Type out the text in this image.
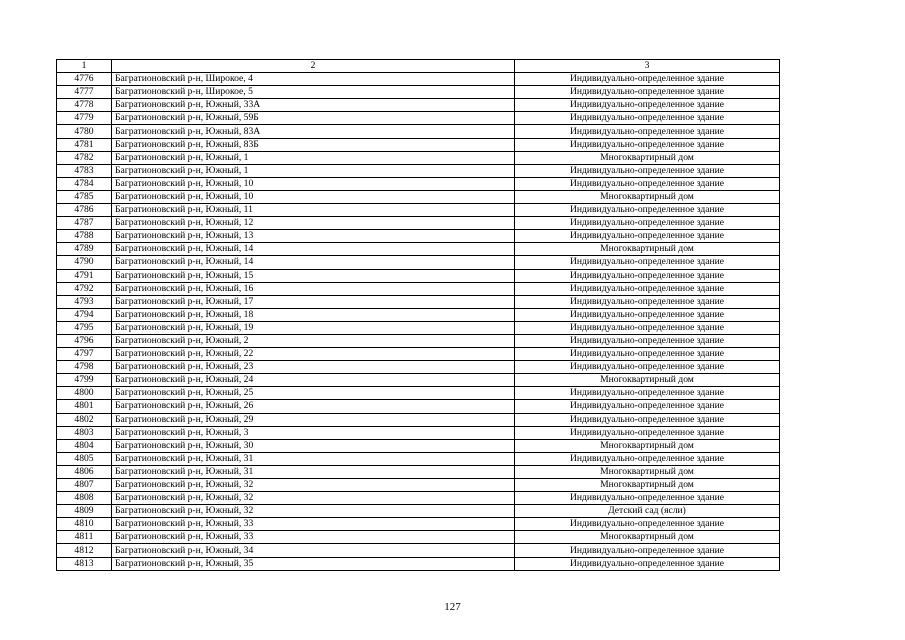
1	2	3
4776	Багратионовский р-н, Широкое, 4	Индивидуально-определенное здание
4777	Багратионовский р-н, Широкое, 5	Индивидуально-определенное здание
4778	Багратионовский р-н, Южный, 33А	Индивидуально-определенное здание
4779	Багратионовский р-н, Южный, 59Б	Индивидуально-определенное здание
4780	Багратионовский р-н, Южный, 83А	Индивидуально-определенное здание
4781	Багратионовский р-н, Южный, 83Б	Индивидуально-определенное здание
4782	Багратионовский р-н, Южный, 1	Многоквартирный дом
4783	Багратионовский р-н, Южный, 1	Индивидуально-определенное здание
4784	Багратионовский р-н, Южный, 10	Индивидуально-определенное здание
4785	Багратионовский р-н, Южный, 10	Многоквартирный дом
4786	Багратионовский р-н, Южный, 11	Индивидуально-определенное здание
4787	Багратионовский р-н, Южный, 12	Индивидуально-определенное здание
4788	Багратионовский р-н, Южный, 13	Индивидуально-определенное здание
4789	Багратионовский р-н, Южный, 14	Многоквартирный дом
4790	Багратионовский р-н, Южный, 14	Индивидуально-определенное здание
4791	Багратионовский р-н, Южный, 15	Индивидуально-определенное здание
4792	Багратионовский р-н, Южный, 16	Индивидуально-определенное здание
4793	Багратионовский р-н, Южный, 17	Индивидуально-определенное здание
4794	Багратионовский р-н, Южный, 18	Индивидуально-определенное здание
4795	Багратионовский р-н, Южный, 19	Индивидуально-определенное здание
4796	Багратионовский р-н, Южный, 2	Индивидуально-определенное здание
4797	Багратионовский р-н, Южный, 22	Индивидуально-определенное здание
4798	Багратионовский р-н, Южный, 23	Индивидуально-определенное здание
4799	Багратионовский р-н, Южный, 24	Многоквартирный дом
4800	Багратионовский р-н, Южный, 25	Индивидуально-определенное здание
4801	Багратионовский р-н, Южный, 26	Индивидуально-определенное здание
4802	Багратионовский р-н, Южный, 29	Индивидуально-определенное здание
4803	Багратионовский р-н, Южный, 3	Индивидуально-определенное здание
4804	Багратионовский р-н, Южный, 30	Многоквартирный дом
4805	Багратионовский р-н, Южный, 31	Индивидуально-определенное здание
4806	Багратионовский р-н, Южный, 31	Многоквартирный дом
4807	Багратионовский р-н, Южный, 32	Многоквартирный дом
4808	Багратионовский р-н, Южный, 32	Индивидуально-определенное здание
4809	Багратионовский р-н, Южный, 32	Детский сад (ясли)
4810	Багратионовский р-н, Южный, 33	Индивидуально-определенное здание
4811	Багратионовский р-н, Южный, 33	Многоквартирный дом
4812	Багратионовский р-н, Южный, 34	Индивидуально-определенное здание
4813	Багратионовский р-н, Южный, 35	Индивидуально-определенное здание
127
